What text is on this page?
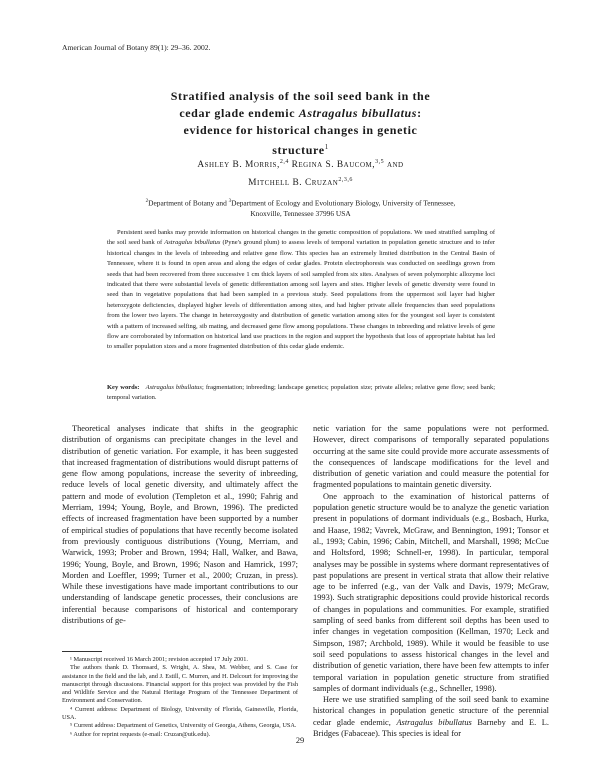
American Journal of Botany 89(1): 29–36. 2002.
Stratified analysis of the soil seed bank in the
cedar glade endemic Astragalus bibullatus:
evidence for historical changes in genetic
structure$^1$
Ashley B. Morris,$^{2,4}$ Regina S. Baucom,$^{3,5}$ and
Mitchell B. Cruzan$^{2,3,6}$
$^2$Department of Botany and $^3$Department of Ecology and Evolutionary Biology, University of Tennessee,
Knoxville, Tennessee 37996 USA
Persistent seed banks may provide information on historical changes in the genetic composition of populations. We used stratified sampling of the soil seed bank of Astragalus bibullatus (Pyne's ground plum) to assess levels of temporal variation in population genetic structure and to infer historical changes in the levels of inbreeding and relative gene flow. This species has an extremely limited distribution in the Central Basin of Tennessee, where it is found in open areas and along the edges of cedar glades. Protein electrophoresis was conducted on seedlings grown from seeds that had been recovered from three successive 1 cm thick layers of soil sampled from six sites. Analyses of seven polymorphic allozyme loci indicated that there were substantial levels of genetic differentiation among soil layers and sites. Higher levels of genetic diversity were found in seed than in vegetative populations that had been sampled in a previous study. Seed populations from the uppermost soil layer had higher heterozygote deficiencies, displayed higher levels of differentiation among sites, and had higher private allele frequencies than seed populations from the lower two layers. The change in heterozygosity and distribution of genetic variation among sites for the youngest soil layer is consistent with a pattern of increased selfing, sib mating, and decreased gene flow among populations. These changes in inbreeding and relative levels of gene flow are corroborated by information on historical land use practices in the region and support the hypothesis that loss of appropriate habitat has led to smaller population sizes and a more fragmented distribution of this cedar glade endemic.
Key words: Astragalus bibullatus; fragmentation; inbreeding; landscape genetics; population size; private alleles; relative gene flow; seed bank; temporal variation.

Theoretical analyses indicate that shifts in the geographic distribution of organisms can precipitate changes in the level and distribution of genetic variation. For example, it has been suggested that increased fragmentation of distributions would disrupt patterns of gene flow among populations, increase the severity of inbreeding, reduce levels of local genetic diversity, and ultimately affect the pattern and mode of evolution (Templeton et al., 1990; Fahrig and Merriam, 1994; Young, Boyle, and Brown, 1996). The predicted effects of increased fragmentation have been supported by a number of empirical studies of populations that have recently become isolated from previously contiguous distributions (Young, Merriam, and Warwick, 1993; Prober and Brown, 1994; Hall, Walker, and Bawa, 1996; Young, Boyle, and Brown, 1996; Nason and Hamrick, 1997; Morden and Loeffler, 1999; Turner et al., 2000; Cruzan, in press). While these investigations have made important contributions to our understanding of landscape genetic processes, their conclusions are inferential because comparisons of historical and contemporary distributions of ge-

netic variation for the same populations were not performed. However, direct comparisons of temporally separated populations occurring at the same site could provide more accurate assessments of the consequences of landscape modifications for the level and distribution of genetic variation and could measure the potential for fragmented populations to maintain genetic diversity.

One approach to the examination of historical patterns of population genetic structure would be to analyze the genetic variation present in populations of dormant individuals (e.g., Bosbach, Hurka, and Haase, 1982; Vavrek, McGraw, and Bennington, 1991; Tonsor et al., 1993; Cabin, 1996; Cabin, Mitchell, and Marshall, 1998; McCue and Holtsford, 1998; Schnell-er, 1998). In particular, temporal analyses may be possible in systems where dormant representatives of past populations are present in vertical strata that allow their relative age to be inferred (e.g., van der Valk and Davis, 1979; McGraw, 1993). Such stratigraphic depositions could provide historical records of changes in populations and communities. For example, stratified sampling of seed banks from different soil depths has been used to infer changes in vegetation composition (Kellman, 1970; Leck and Simpson, 1987; Archbold, 1989). While it would be feasible to use soil seed populations to assess historical changes in the level and distribution of genetic variation, there have been few attempts to infer temporal variation in population genetic structure from stratified samples of dormant individuals (e.g., Schneller, 1998).

Here we use stratified sampling of the soil seed bank to examine historical changes in population genetic structure of the perennial cedar glade endemic, Astragalus bibullatus Barneby and E. L. Bridges (Fabaceae). This species is ideal for

¹ Manuscript received 16 March 2001; revision accepted 17 July 2001.
The authors thank D. Thomsard, S. Wright, A. Shea, M. Webber, and S. Case for assistance in the field and the lab, and J. Estill, C. Murren, and H. Delcourt for improving the manuscript through discussions. Financial support for this project was provided by the Fish and Wildlife Service and the Natural Heritage Program of the Tennessee Department of Environment and Conservation.
⁴ Current address: Department of Biology, University of Florida, Gainesville, Florida, USA.
⁵ Current address: Department of Genetics, University of Georgia, Athens, Georgia, USA.
⁶ Author for reprint requests (e-mail: Cruzan@utk.edu).
29
